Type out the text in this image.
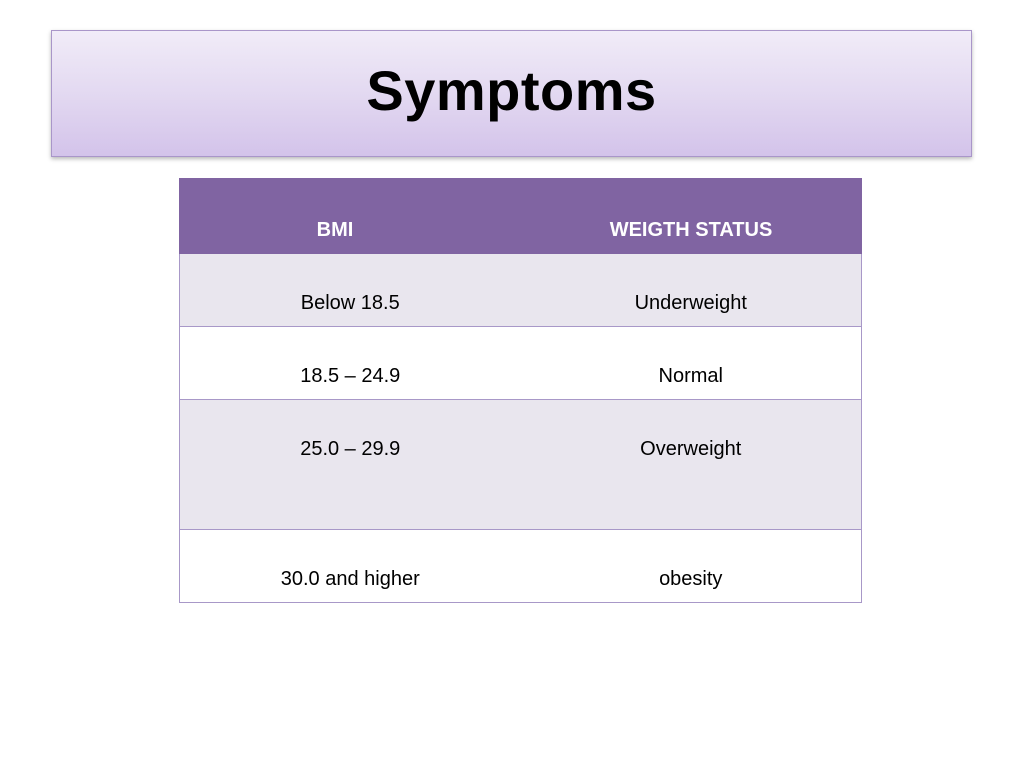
Symptoms
BMI	WEIGTH STATUS
Below 18.5	Underweight
18.5 – 24.9	Normal
25.0 – 29.9	Overweight
30.0 and higher	obesity
